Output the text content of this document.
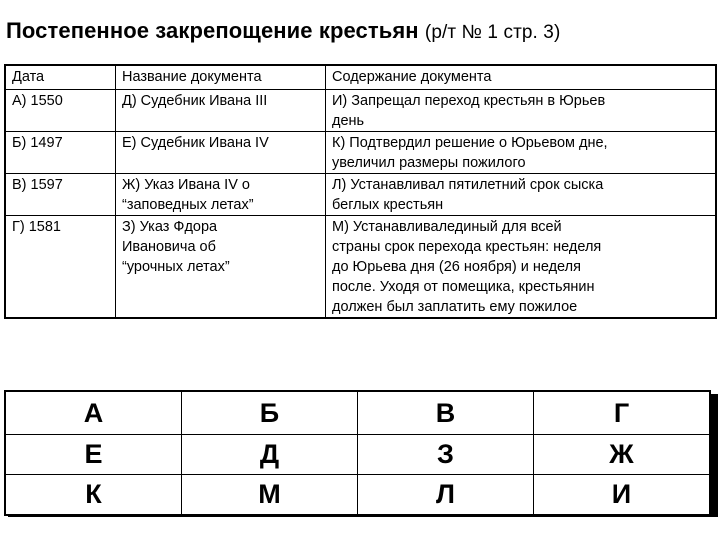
Постепенное закрепощение крестьян (р/т № 1 стр. 3)
Дата	Название документа	Содержание документа

А) 1550	Д) Судебник Ивана III	И) Запрещал переход крестьян в Юрьев
день

Б) 1497	Е) Судебник Ивана IV	К) Подтвердил решение о Юрьевом дне,
увеличил размеры пожилого

В) 1597	Ж) Указ Ивана IV о
“заповедных летах”	Л) Устанавливал пятилетний срок сыска
беглых крестьян

Г) 1581	З) Указ Фдора
Ивановича об
“урочных летах”	М) Устанавливалединый для всей
страны срок перехода крестьян: неделя
до Юрьева дня (26 ноября) и неделя
после. Уходя от помещика, крестьянин
должен был заплатить ему пожилое
А	Б	В	Г
Е	Д	З	Ж
К	М	Л	И
